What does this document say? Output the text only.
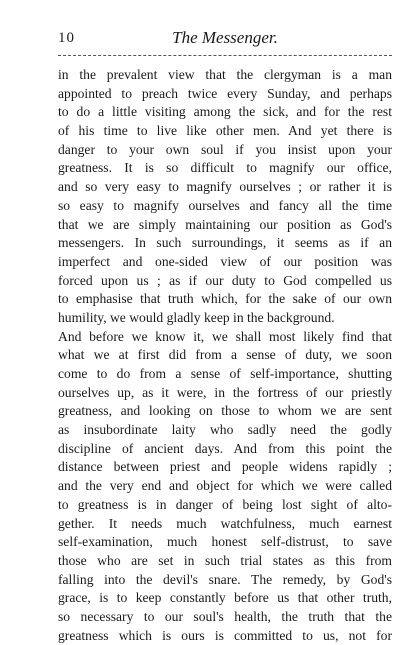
10	The Messenger.
in the prevalent view that the clergyman is a man
appointed to preach twice every Sunday, and perhaps
to do a little visiting among the sick, and for the rest
of his time to live like other men. And yet there is
danger to your own soul if you insist upon your
greatness. It is so difficult to magnify our office,
and so very easy to magnify ourselves ; or rather it is
so easy to magnify ourselves and fancy all the time
that we are simply maintaining our position as God's
messengers. In such surroundings, it seems as if an
imperfect and one-sided view of our position was
forced upon us ; as if our duty to God compelled us
to emphasise that truth which, for the sake of our own
humility, we would gladly keep in the background.
And before we know it, we shall most likely find that
what we at first did from a sense of duty, we soon
come to do from a sense of self-importance, shutting
ourselves up, as it were, in the fortress of our priestly
greatness, and looking on those to whom we are sent
as insubordinate laity who sadly need the godly
discipline of ancient days. And from this point the
distance between priest and people widens rapidly ;
and the very end and object for which we were called
to greatness is in danger of being lost sight of alto-
gether. It needs much watchfulness, much earnest
self-examination, much honest self-distrust, to save
those who are set in such trial states as this from
falling into the devil's snare. The remedy, by God's
grace, is to keep constantly before us that other truth,
so necessary to our soul's health, the truth that the
greatness which is ours is committed to us, not for
